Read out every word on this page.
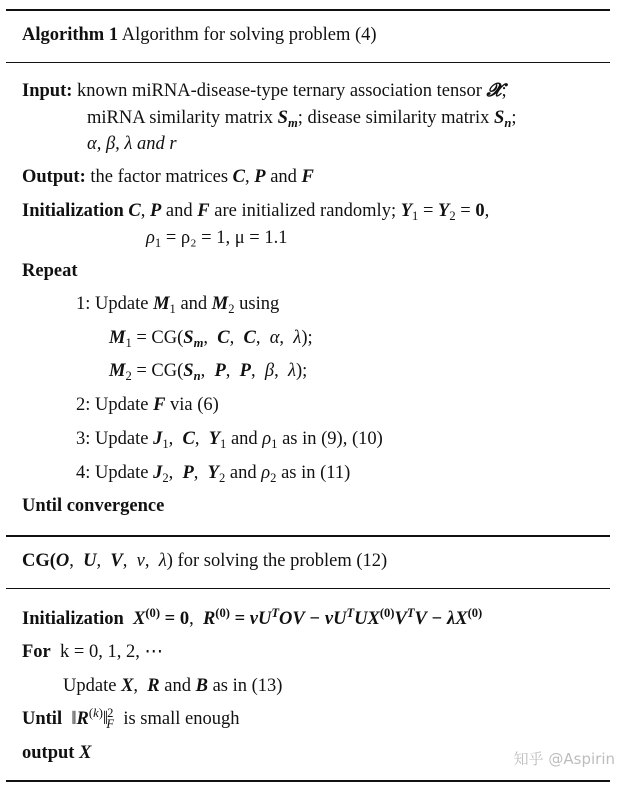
Algorithm 1 Algorithm for solving problem (4)
Input: known miRNA-disease-type ternary association tensor 𝓧;
miRNA similarity matrix $S_m$; disease similarity matrix $S_n$;
α, β, λ and r
Output: the factor matrices C, P and F
Initialization C, P and F are initialized randomly; $Y_1 = Y_2 = 0$,
$\rho_1 = \rho_2 = 1$, μ = 1.1
Repeat
1: Update $M_1$ and $M_2$ using
$M_1 = CG(S_m$,  C,  C,  α,  λ);
$M_2 = CG(S_n$,  P,  P,  β,  λ);
2: Update F via (6)
3: Update $J_1$,  C,  $Y_1$ and $\rho_1$ as in (9), (10)
4: Update $J_2$,  P,  $Y_2$ and $\rho_2$ as in (11)
Until convergence
CG(O,  U,  V,  ν,  λ) for solving the problem (12)
Initialization  $X^{(0)} = 0$,  $R^{(0)} = \nu U^TOV - \nu U^TUX^{(0)}V^TV - \lambda X^{(0)}$
For k = 0, 1, 2, ⋯
Update X,  R and B as in (13)
Until  $‖R^{(k)}‖^2_F$ is small enough
output X	知乎 @Aspirin
